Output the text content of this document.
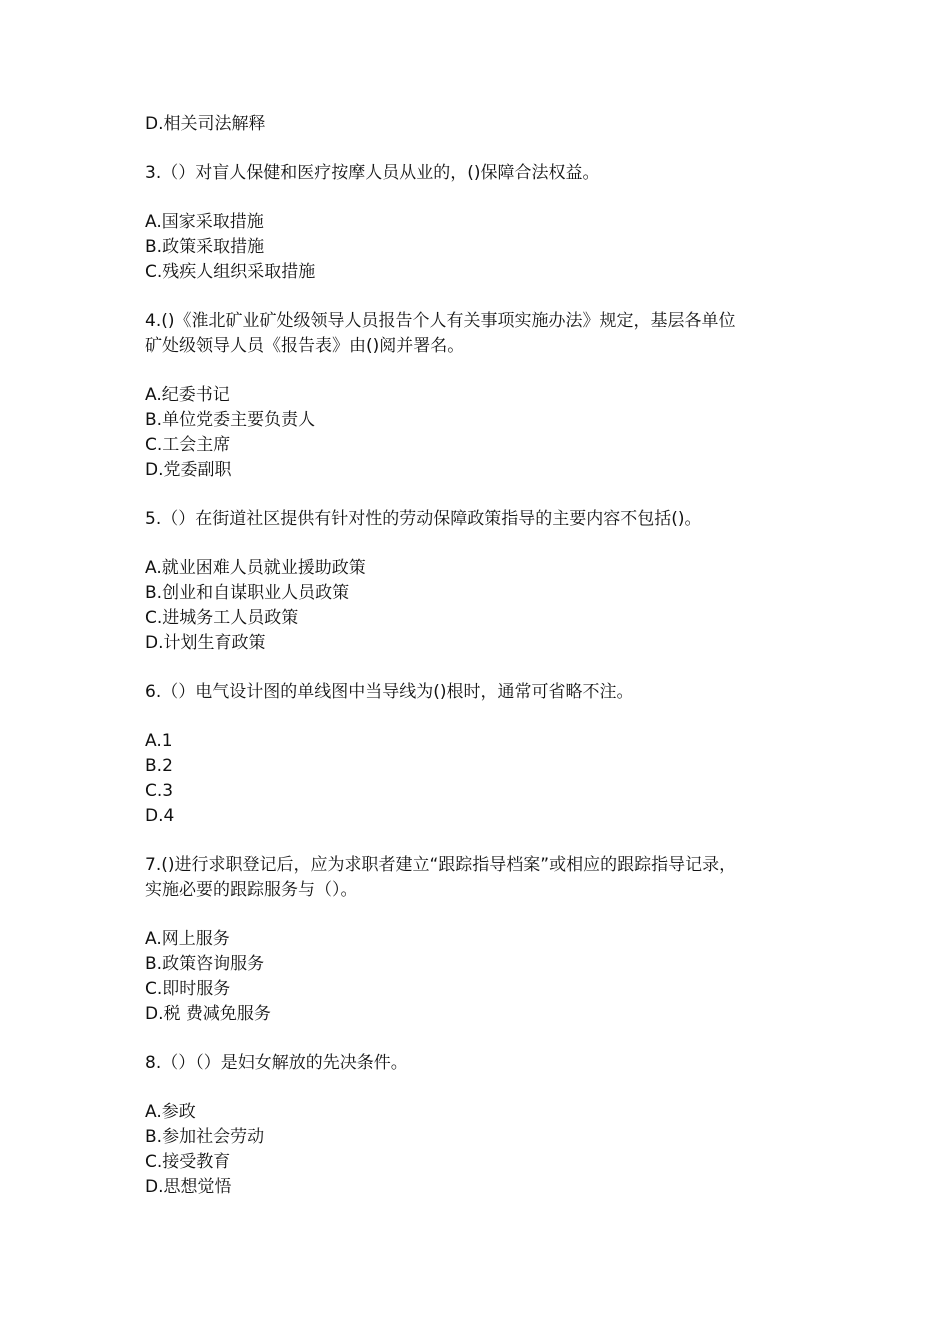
D.相关司法解释

3.（）对盲人保健和医疗按摩人员从业的，()保障合法权益。

A.国家采取措施

B.政策采取措施

C.残疾人组织采取措施

4.()《淮北矿业矿处级领导人员报告个人有关事项实施办法》规定，基层各单位

矿处级领导人员《报告表》由()阅并署名。

A.纪委书记

B.单位党委主要负责人

C.工会主席

D.党委副职

5.（）在街道社区提供有针对性的劳动保障政策指导的主要内容不包括()。

A.就业困难人员就业援助政策

B.创业和自谋职业人员政策

C.进城务工人员政策

D.计划生育政策

6.（）电气设计图的单线图中当导线为()根时，通常可省略不注。

A.1

B.2

C.3

D.4

7.()进行求职登记后，应为求职者建立“跟踪指导档案”或相应的跟踪指导记录，

实施必要的跟踪服务与（）。

A.网上服务

B.政策咨询服务

C.即时服务

D.税 费减免服务

8.（）（）是妇女解放的先决条件。

A.参政

B.参加社会劳动

C.接受教育

D.思想觉悟
